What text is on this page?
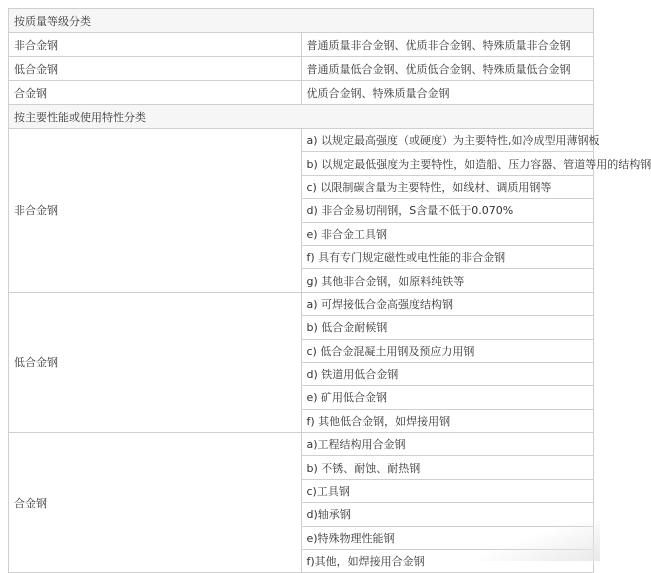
按质量等级分类	
非合金钢	普通质量非合金钢、优质非合金钢、特殊质量非合金钢
低合金钢	普通质量低合金钢、优质低合金钢、特殊质量低合金钢
合金钢	优质合金钢、特殊质量合金钢
按主要性能或使用特性分类	
非合金钢	a) 以规定最高强度（或硬度）为主要特性,如冷成型用薄钢板
	b) 以规定最低强度为主要特性，如造船、压力容器、管道等用的结构钢
	c) 以限制碳含量为主要特性，如线材、调质用钢等
	d) 非合金易切削钢，S含量不低于0.070%
	e) 非合金工具钢
	f) 具有专门规定磁性或电性能的非合金钢
	g) 其他非合金钢，如原料纯铁等
低合金钢	a) 可焊接低合金高强度结构钢
	b) 低合金耐候钢
	c) 低合金混凝土用钢及预应力用钢
	d) 铁道用低合金钢
	e) 矿用低合金钢
	f) 其他低合金钢，如焊接用钢
合金钢	a)工程结构用合金钢
	b) 不锈、耐蚀、耐热钢
	c)工具钢
	d)轴承钢
	e)特殊物理性能钢
	f)其他，如焊接用合金钢
